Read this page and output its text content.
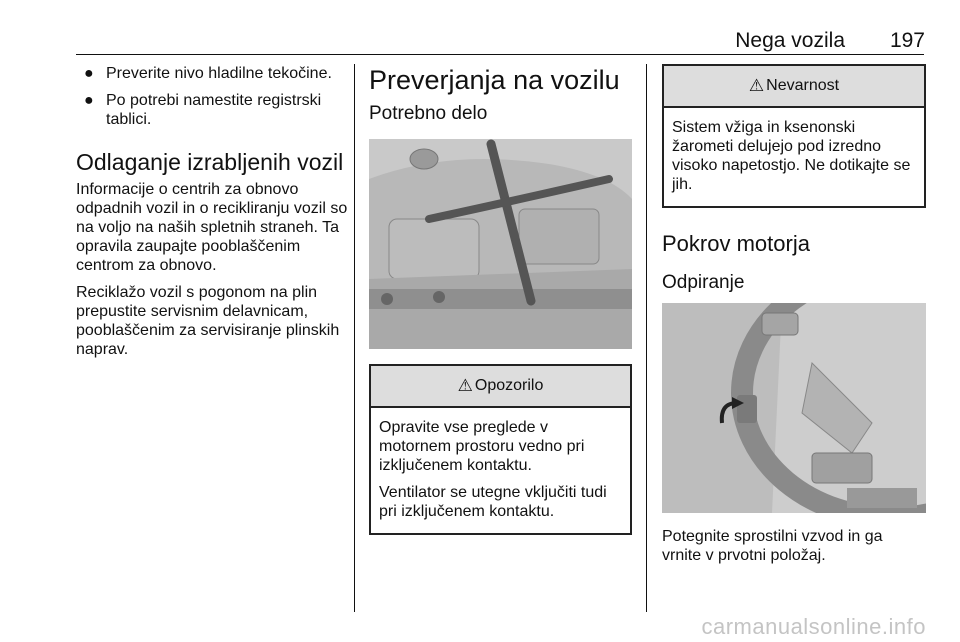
Nega vozila 197
● Preverite nivo hladilne tekočine.
● Po potrebi namestite registrski tablici.
Odlaganje izrabljenih vozil

Informacije o centrih za obnovo odpadnih vozil in o recikliranju vozil so na voljo na naših spletnih straneh. Ta opravila zaupajte pooblaščenim centrom za obnovo.

Reciklažo vozil s pogonom na plin prepustite servisnim delavnicam, pooblaščenim za servisiranje plinskih naprav.

Preverjanja na vozilu
Potrebno delo
⚠ Opozorilo

Opravite vse preglede v motornem prostoru vedno pri izključenem kontaktu.

Ventilator se utegne vključiti tudi pri izključenem kontaktu.

⚠ Nevarnost

Sistem vžiga in ksenonski žarometi delujejo pod izredno visoko napetostjo. Ne dotikajte se jih.

Pokrov motorja
Odpiranje

Potegnite sprostilni vzvod in ga vrnite v prvotni položaj.

carmanualsonline.info
